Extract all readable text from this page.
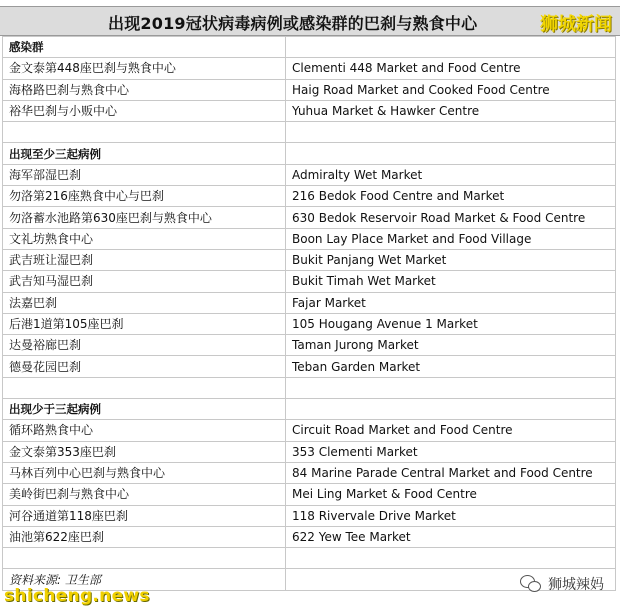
出现2019冠状病毒病例或感染群的巴刹与熟食中心	狮城新闻
感染群	
金文泰第448座巴刹与熟食中心	Clementi 448 Market and Food Centre
海格路巴刹与熟食中心	Haig Road Market and Cooked Food Centre
裕华巴刹与小贩中心	Yuhua Market & Hawker Centre

出现至少三起病例	
海军部湿巴刹	Admiralty Wet Market
勿洛第216座熟食中心与巴刹	216 Bedok Food Centre and Market
勿洛蓄水池路第630座巴刹与熟食中心	630 Bedok Reservoir Road Market & Food Centre
文礼坊熟食中心	Boon Lay Place Market and Food Village
武吉班让湿巴刹	Bukit Panjang Wet Market
武吉知马湿巴刹	Bukit Timah Wet Market
法嘉巴刹	Fajar Market
后港1道第105座巴刹	105 Hougang Avenue 1 Market
达曼裕廊巴刹	Taman Jurong Market
德曼花园巴刹	Teban Garden Market

出现少于三起病例	
循环路熟食中心	Circuit Road Market and Food Centre
金文泰第353座巴刹	353 Clementi Market
马林百列中心巴刹与熟食中心	84 Marine Parade Central Market and Food Centre
美岭街巴刹与熟食中心	Mei Ling Market & Food Centre
河谷通道第118座巴刹	118 Rivervale Drive Market
油池第622座巴刹	622 Yew Tee Market

资料来源: 卫生部	
shicheng.news
狮城辣妈
